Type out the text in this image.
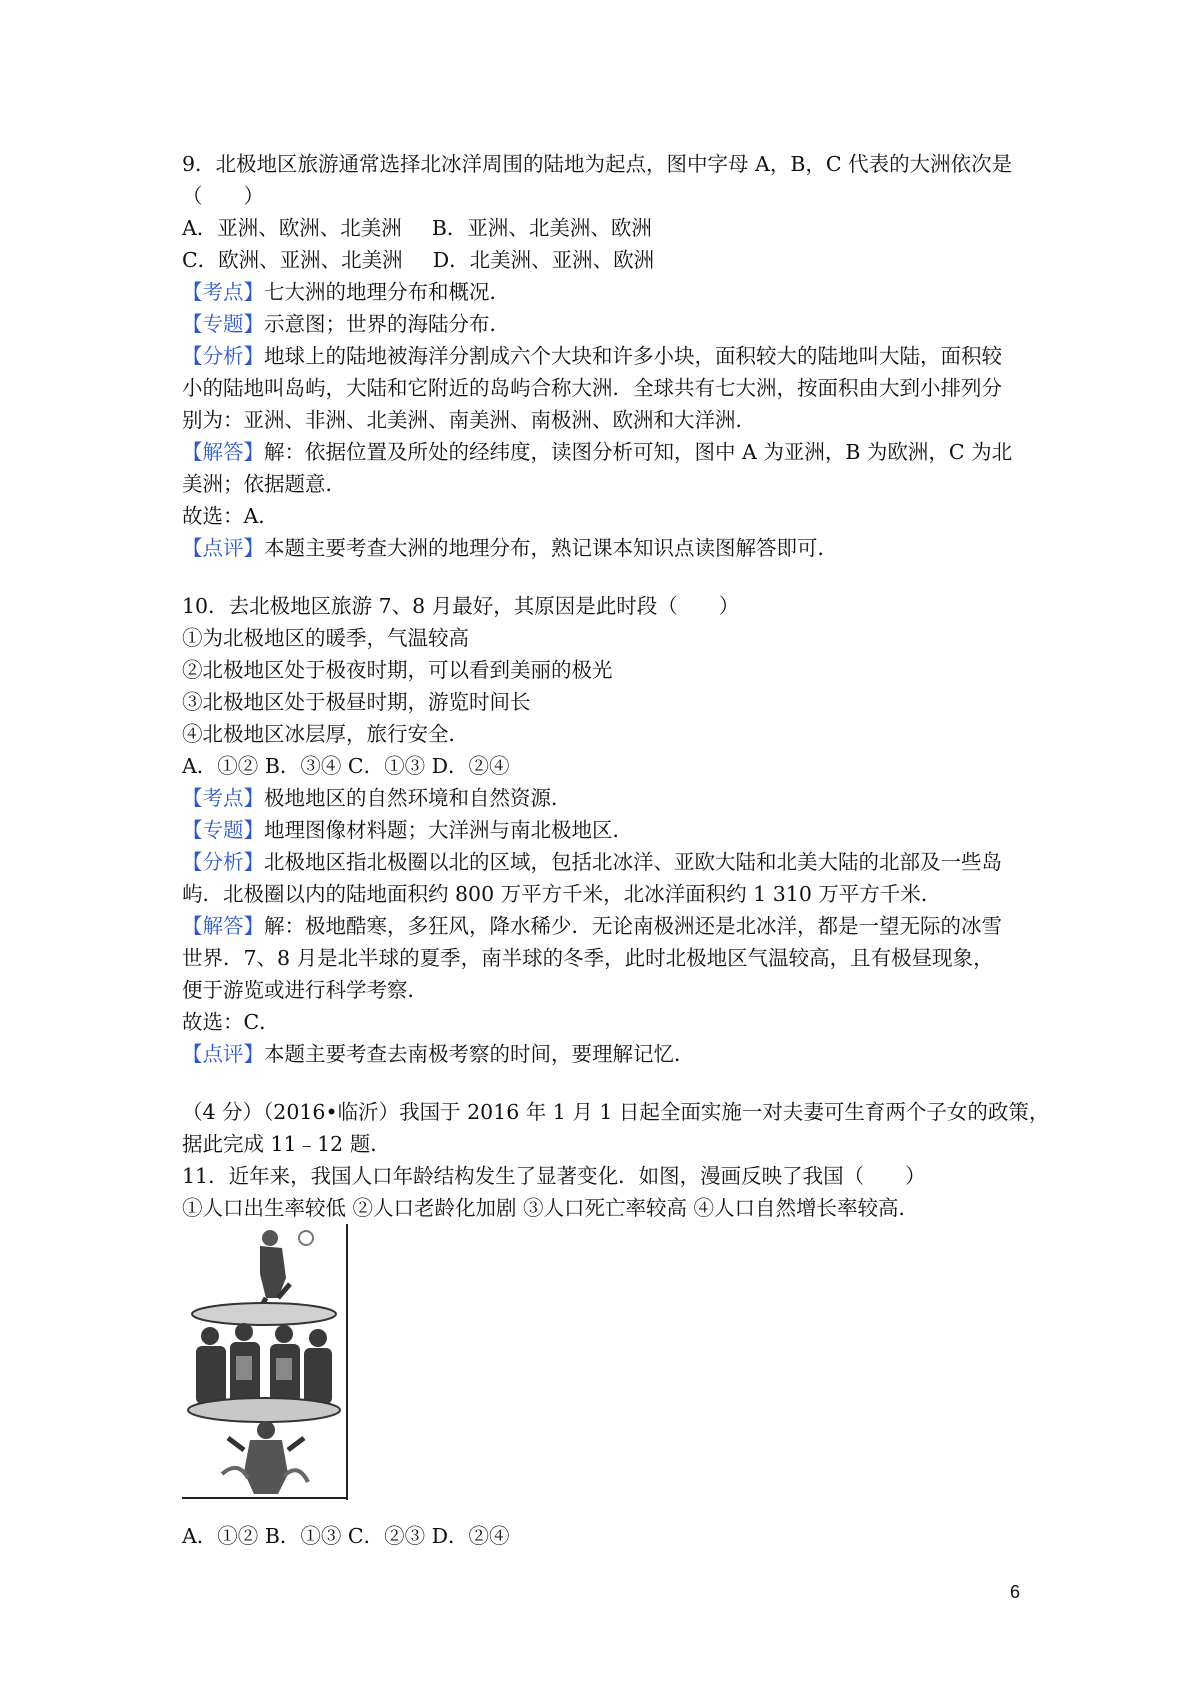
9．北极地区旅游通常选择北冰洋周围的陆地为起点，图中字母 A，B，C 代表的大洲依次是
（　　）
A．亚洲、欧洲、北美洲 B．亚洲、北美洲、欧洲
C．欧洲、亚洲、北美洲 D．北美洲、亚洲、欧洲
【考点】七大洲的地理分布和概况．
【专题】示意图；世界的海陆分布．
【分析】地球上的陆地被海洋分割成六个大块和许多小块，面积较大的陆地叫大陆，面积较
小的陆地叫岛屿，大陆和它附近的岛屿合称大洲．全球共有七大洲，按面积由大到小排列分
别为：亚洲、非洲、北美洲、南美洲、南极洲、欧洲和大洋洲．
【解答】解：依据位置及所处的经纬度，读图分析可知，图中 A 为亚洲，B 为欧洲，C 为北
美洲；依据题意．
故选：A．
【点评】本题主要考查大洲的地理分布，熟记课本知识点读图解答即可．
10．去北极地区旅游 7、8 月最好，其原因是此时段（　　）
①为北极地区的暖季，气温较高
②北极地区处于极夜时期，可以看到美丽的极光
③北极地区处于极昼时期，游览时间长
④北极地区冰层厚，旅行安全．
A．①② B．③④ C．①③ D．②④
【考点】极地地区的自然环境和自然资源．
【专题】地理图像材料题；大洋洲与南北极地区．
【分析】北极地区指北极圈以北的区域，包括北冰洋、亚欧大陆和北美大陆的北部及一些岛
屿．北极圈以内的陆地面积约 800 万平方千米，北冰洋面积约 1 310 万平方千米．
【解答】解：极地酷寒，多狂风，降水稀少．无论南极洲还是北冰洋，都是一望无际的冰雪
世界．7、8 月是北半球的夏季，南半球的冬季，此时北极地区气温较高，且有极昼现象，
便于游览或进行科学考察．
故选：C．
【点评】本题主要考查去南极考察的时间，要理解记忆．
（4 分）（2016•临沂）我国于 2016 年 1 月 1 日起全面实施一对夫妻可生育两个子女的政策，
据此完成 11﹣12 题．
11．近年来，我国人口年龄结构发生了显著变化．如图，漫画反映了我国（　　）
①人口出生率较低 ②人口老龄化加剧 ③人口死亡率较高 ④人口自然增长率较高．
A．①② B．①③ C．②③ D．②④
6
